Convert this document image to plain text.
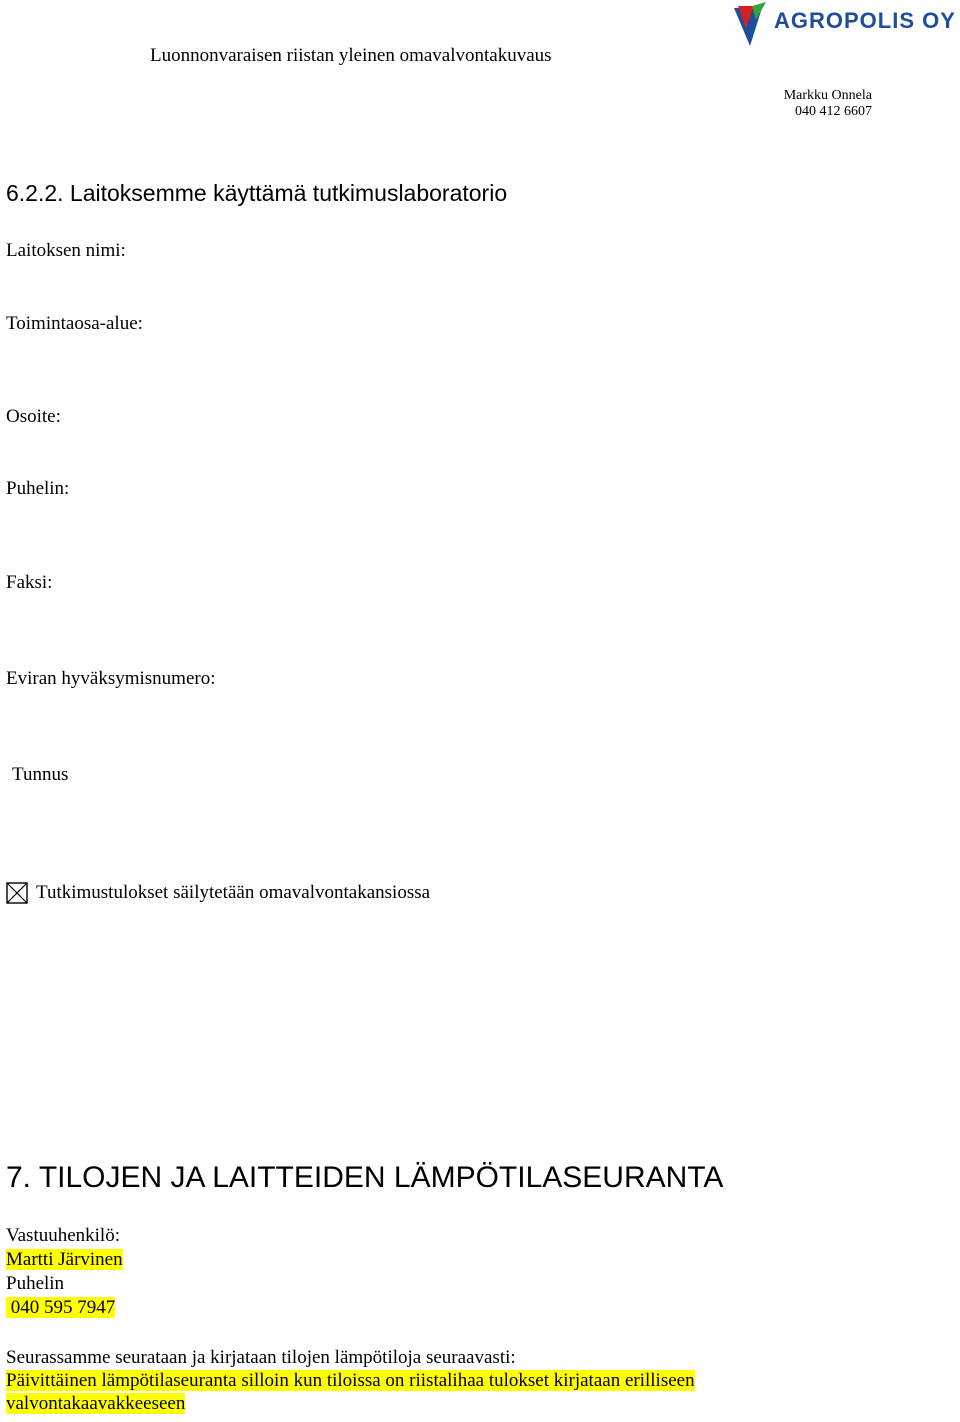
Luonnonvaraisen riistan yleinen omavalvontakuvaus
AGROPOLIS OY
Markku Onnela
040 412 6607
6.2.2. Laitoksemme käyttämä tutkimuslaboratorio
Laitoksen nimi:
Toimintaosa-alue:
Osoite:
Puhelin:
Faksi:
Eviran hyväksymisnumero:
Tunnus
Tutkimustulokset säilytetään omavalvontakansiossa
7. TILOJEN JA LAITTEIDEN LÄMPÖTILASEURANTA
Vastuuhenkilö:
Martti Järvinen
Puhelin
040 595 7947
Seurassamme seurataan ja kirjataan tilojen lämpötiloja seuraavasti:
Päivittäinen lämpötilaseuranta silloin kun tiloissa on riistalihaa tulokset kirjataan erilliseen
valvontakaavakkeeseen
